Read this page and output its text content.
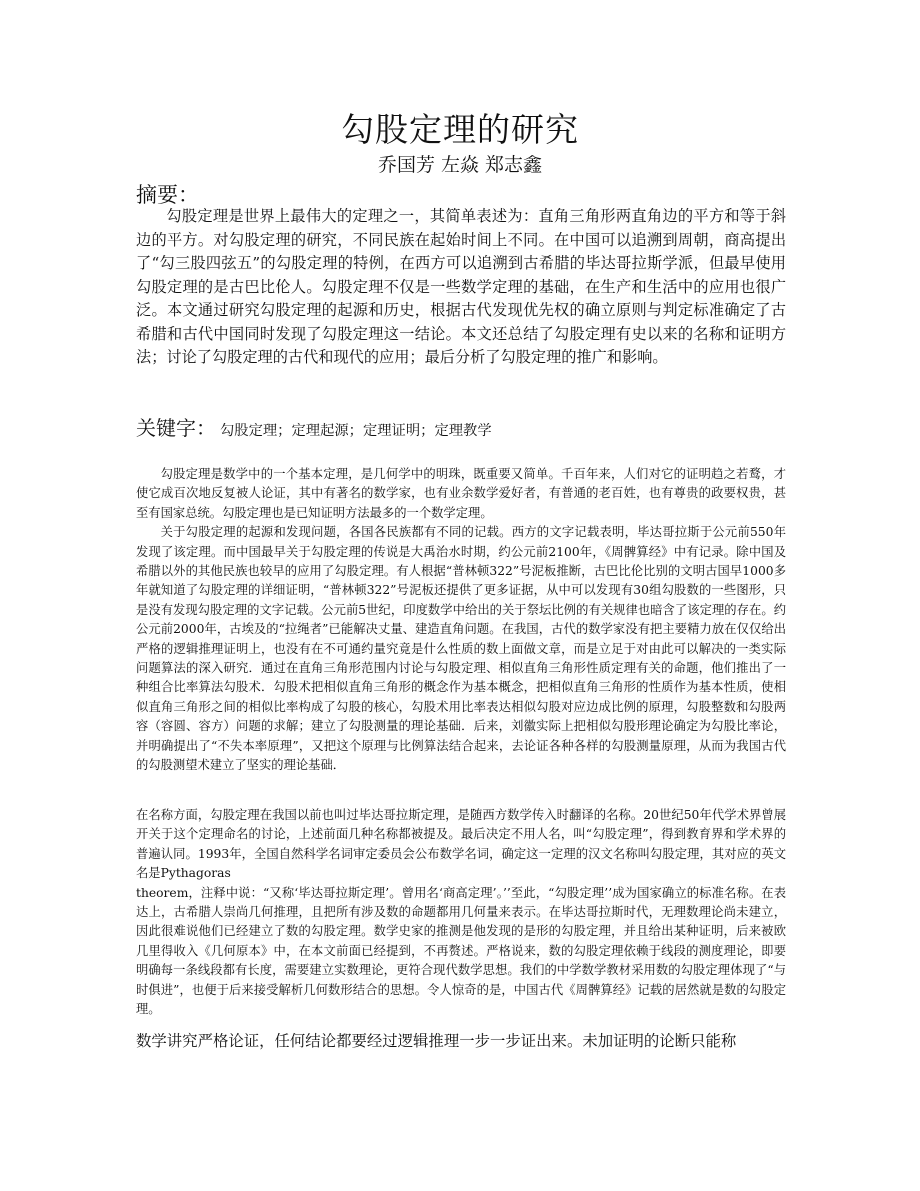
勾股定理的研究
乔国芳 左焱 郑志鑫
摘要：

勾股定理是世界上最伟大的定理之一，其简单表述为：直角三角形两直角边的平方和等于斜边的平方。对勾股定理的研究，不同民族在起始时间上不同。在中国可以追溯到周朝，商高提出了“勾三股四弦五”的勾股定理的特例，在西方可以追溯到古希腊的毕达哥拉斯学派，但最早使用勾股定理的是古巴比伦人。勾股定理不仅是一些数学定理的基础，在生产和生活中的应用也很广泛。本文通过研究勾股定理的起源和历史，根据古代发现优先权的确立原则与判定标准确定了古希腊和古代中国同时发现了勾股定理这一结论。本文还总结了勾股定理有史以来的名称和证明方法；讨论了勾股定理的古代和现代的应用；最后分析了勾股定理的推广和影响。

关键字： 勾股定理；定理起源；定理证明；定理教学

勾股定理是数学中的一个基本定理，是几何学中的明珠，既重要又简单。千百年来，人们对它的证明趋之若鹜，才使它成百次地反复被人论证，其中有著名的数学家，也有业余数学爱好者，有普通的老百姓，也有尊贵的政要权贵，甚至有国家总统。勾股定理也是已知证明方法最多的一个数学定理。

关于勾股定理的起源和发现问题，各国各民族都有不同的记载。西方的文字记载表明，毕达哥拉斯于公元前550年发现了该定理。而中国最早关于勾股定理的传说是大禹治水时期，约公元前2100年，《周髀算经》中有记录。除中国及希腊以外的其他民族也较早的应用了勾股定理。有人根据“普林顿322”号泥板推断，古巴比伦比别的文明古国早1000多年就知道了勾股定理的详细证明，“普林顿322”号泥板还提供了更多证据，从中可以发现有30组勾股数的一些图形，只是没有发现勾股定理的文字记载。公元前5世纪，印度数学中给出的关于祭坛比例的有关规律也暗含了该定理的存在。约公元前2000年，古埃及的“拉绳者”已能解决丈量、建造直角问题。在我国，古代的数学家没有把主要精力放在仅仅给出严格的逻辑推理证明上，也没有在不可通约量究竟是什么性质的数上面做文章，而是立足于对由此可以解决的一类实际问题算法的深入研究．通过在直角三角形范围内讨论与勾股定理、相似直角三角形性质定理有关的命题，他们推出了一种组合比率算法勾股术．勾股术把相似直角三角形的概念作为基本概念，把相似直角三角形的性质作为基本性质，使相似直角三角形之间的相似比率构成了勾股的核心，勾股术用比率表达相似勾股对应边成比例的原理，勾股整数和勾股两容（容圆、容方）问题的求解；建立了勾股测量的理论基础．后来，刘徽实际上把相似勾股形理论确定为勾股比率论，并明确提出了“不失本率原理”，又把这个原理与比例算法结合起来，去论证各种各样的勾股测量原理，从而为我国古代的勾股测望术建立了坚实的理论基础．

在名称方面，勾股定理在我国以前也叫过毕达哥拉斯定理，是随西方数学传入时翻译的名称。20世纪50年代学术界曾展开关于这个定理命名的讨论，上述前面几种名称都被提及。最后决定不用人名，叫“勾股定理”，得到教育界和学术界的普遍认同。1993年，全国自然科学名词审定委员会公布数学名词，确定这一定理的汉文名称叫勾股定理，其对应的英文名是Pythagoras

theorem，注释中说：“又称‘毕达哥拉斯定理’。曾用名‘商高定理’。’’至此，“勾股定理’’成为国家确立的标准名称。在表达上，古希腊人崇尚几何推理，且把所有涉及数的命题都用几何量来表示。在毕达哥拉斯时代，无理数理论尚未建立，因此很难说他们已经建立了数的勾股定理。数学史家的推测是他发现的是形的勾股定理，并且给出某种证明，后来被欧几里得收入《几何原本》中，在本文前面已经提到，不再赘述。严格说来，数的勾股定理依赖于线段的测度理论，即要明确每一条线段都有长度，需要建立实数理论，更符合现代数学思想。我们的中学数学教材采用数的勾股定理体现了“与时俱进”，也便于后来接受解析几何数形结合的思想。令人惊奇的是，中国古代《周髀算经》记载的居然就是数的勾股定理。

数学讲究严格论证，任何结论都要经过逻辑推理一步一步证出来。未加证明的论断只能称
